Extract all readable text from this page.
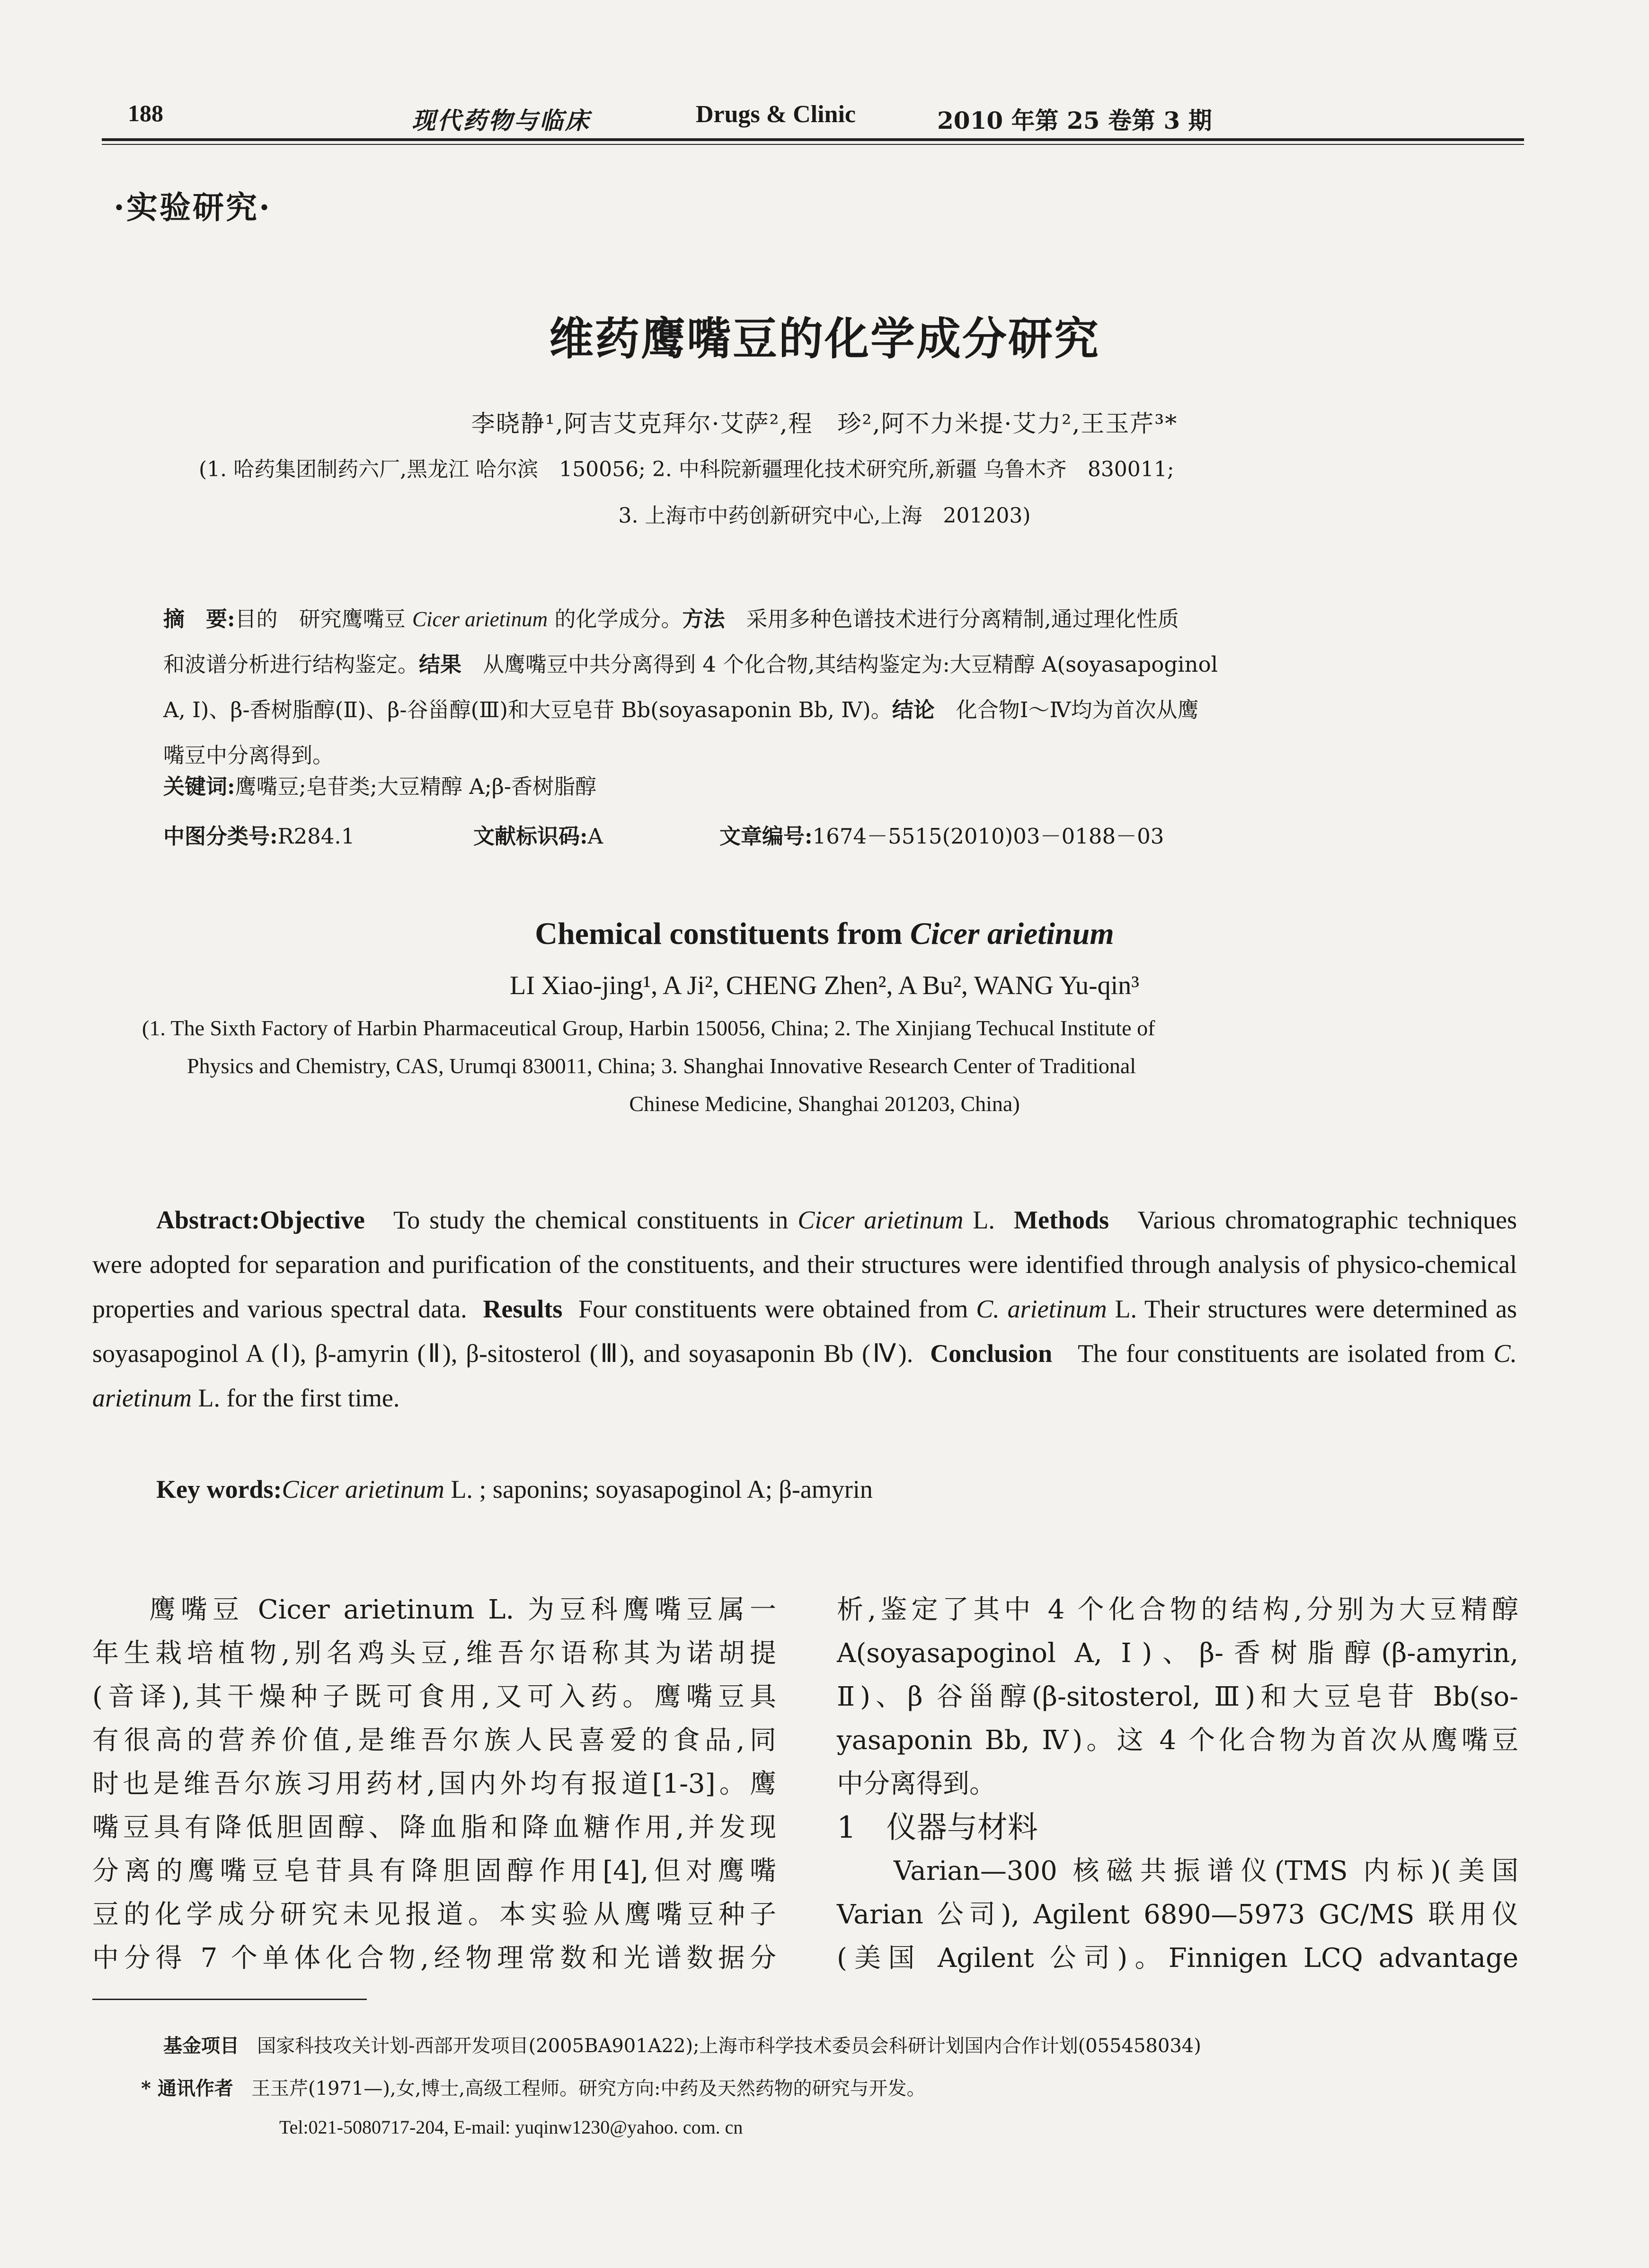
188	现代药物与临床	Drugs & Clinic	2010 年第 25 卷第 3 期
·实验研究·
维药鹰嘴豆的化学成分研究
李晓静¹,阿吉艾克拜尔·艾萨²,程　珍²,阿不力米提·艾力²,王玉芹³*
(1. 哈药集团制药六厂,黑龙江 哈尔滨　150056; 2. 中科院新疆理化技术研究所,新疆 乌鲁木齐　830011;
3. 上海市中药创新研究中心,上海　201203)
摘　要:目的　研究鹰嘴豆 Cicer arietinum 的化学成分。方法　采用多种色谱技术进行分离精制,通过理化性质
和波谱分析进行结构鉴定。结果　从鹰嘴豆中共分离得到 4 个化合物,其结构鉴定为:大豆精醇 A(soyasapoginol
A, Ⅰ)、β-香树脂醇(Ⅱ)、β-谷甾醇(Ⅲ)和大豆皂苷 Bb(soyasaponin Bb, Ⅳ)。结论　化合物Ⅰ～Ⅳ均为首次从鹰
嘴豆中分离得到。
关键词:鹰嘴豆;皂苷类;大豆精醇 A;β-香树脂醇
中图分类号:R284.1	文献标识码:A	文章编号:1674－5515(2010)03－0188－03
Chemical constituents from Cicer arietinum
LI Xiao-jing¹, A Ji², CHENG Zhen², A Bu², WANG Yu-qin³
(1. The Sixth Factory of Harbin Pharmaceutical Group, Harbin 150056, China; 2. The Xinjiang Techucal Institute of
Physics and Chemistry, CAS, Urumqi 830011, China; 3. Shanghai Innovative Research Center of Traditional
Chinese Medicine, Shanghai 201203, China)
Abstract:Objective To study the chemical constituents in Cicer arietinum L. Methods Various chromatographic techniques were adopted for separation and purification of the constituents, and their structures were identified through analysis of physico-chemical properties and various spectral data. Results Four constituents were obtained from C. arietinum L. Their structures were determined as soyasapoginol A (Ⅰ), β-amyrin (Ⅱ), β-sitosterol (Ⅲ), and soyasaponin Bb (Ⅳ). Conclusion The four constituents are isolated from C. arietinum L. for the first time.
Key words:Cicer arietinum L. ; saponins; soyasapoginol A; β-amyrin
鹰嘴豆 Cicer arietinum L. 为豆科鹰嘴豆属一
年生栽培植物,别名鸡头豆,维吾尔语称其为诺胡提
(音译),其干燥种子既可食用,又可入药。鹰嘴豆具
有很高的营养价值,是维吾尔族人民喜爱的食品,同
时也是维吾尔族习用药材,国内外均有报道[1-3]。鹰
嘴豆具有降低胆固醇、降血脂和降血糖作用,并发现
分离的鹰嘴豆皂苷具有降胆固醇作用[4],但对鹰嘴
豆的化学成分研究未见报道。本实验从鹰嘴豆种子
中分得 7 个单体化合物,经物理常数和光谱数据分
析,鉴定了其中 4 个化合物的结构,分别为大豆精醇
A(soyasapoginol A, Ⅰ)、β-香树脂醇(β-amyrin,
Ⅱ)、β 谷甾醇(β-sitosterol, Ⅲ)和大豆皂苷 Bb(so-
yasaponin Bb, Ⅳ)。这 4 个化合物为首次从鹰嘴豆
中分离得到。
1　仪器与材料
Varian—300 核磁共振谱仪(TMS 内标)(美国
Varian 公司), Agilent 6890—5973 GC/MS 联用仪
(美国 Agilent 公司)。Finnigen LCQ advantage
基金项目 国家科技攻关计划-西部开发项目(2005BA901A22);上海市科学技术委员会科研计划国内合作计划(055458034)
* 通讯作者 王玉芹(1971—),女,博士,高级工程师。研究方向:中药及天然药物的研究与开发。
Tel:021-5080717-204, E-mail: yuqinw1230@yahoo. com. cn
